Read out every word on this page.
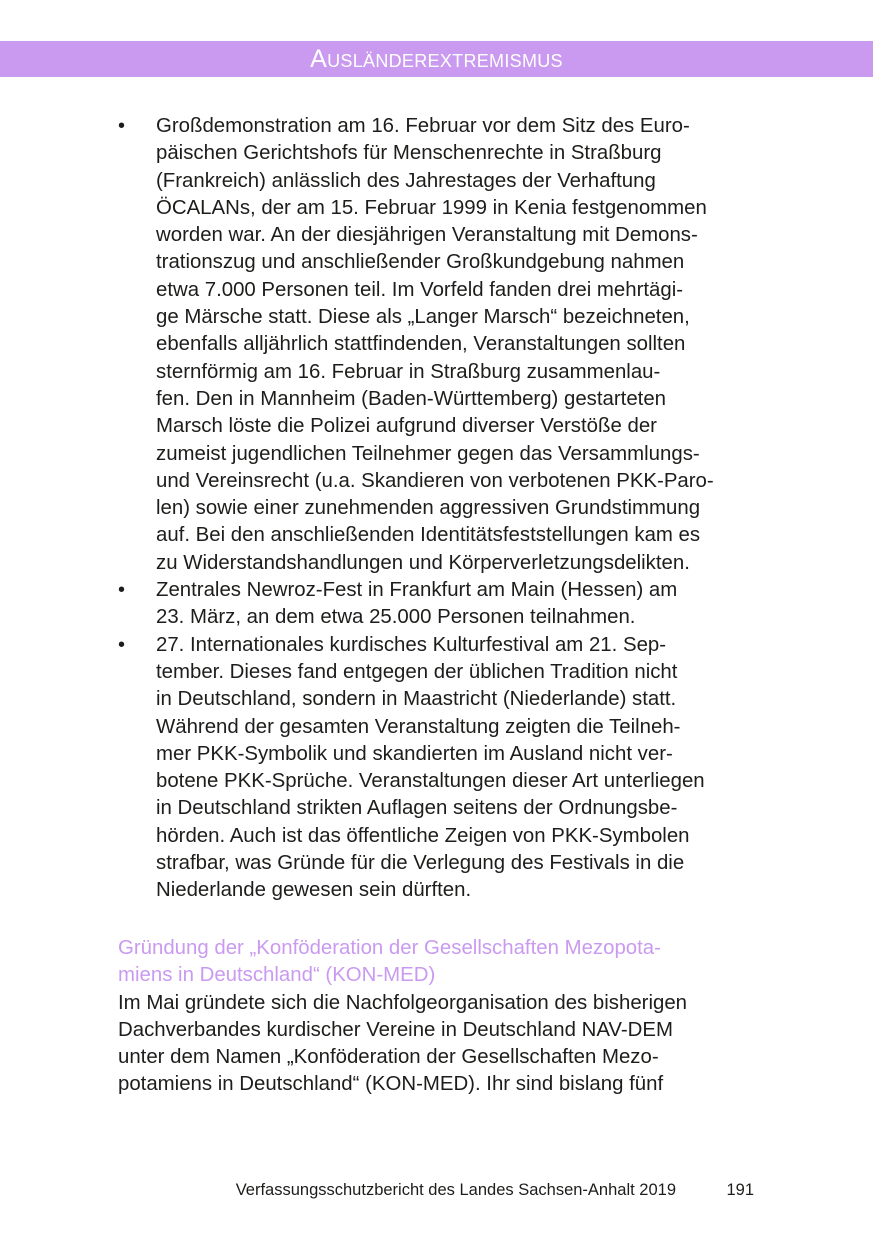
Ausländerextremismus
• Großdemonstration am 16. Februar vor dem Sitz des Euro-
päischen Gerichtshofs für Menschenrechte in Straßburg
(Frankreich) anlässlich des Jahrestages der Verhaftung
ÖCALANs, der am 15. Februar 1999 in Kenia festgenommen
worden war. An der diesjährigen Veranstaltung mit Demons-
trationszug und anschließender Großkundgebung nahmen
etwa 7.000 Personen teil. Im Vorfeld fanden drei mehrtägi-
ge Märsche statt. Diese als „Langer Marsch“ bezeichneten,
ebenfalls alljährlich stattfindenden, Veranstaltungen sollten
sternförmig am 16. Februar in Straßburg zusammenlau-
fen. Den in Mannheim (Baden-Württemberg) gestarteten
Marsch löste die Polizei aufgrund diverser Verstöße der
zumeist jugendlichen Teilnehmer gegen das Versammlungs-
und Vereinsrecht (u.a. Skandieren von verbotenen PKK-Paro-
len) sowie einer zunehmenden aggressiven Grundstimmung
auf. Bei den anschließenden Identitätsfeststellungen kam es
zu Widerstandshandlungen und Körperverletzungsdelikten.
• Zentrales Newroz-Fest in Frankfurt am Main (Hessen) am
23. März, an dem etwa 25.000 Personen teilnahmen.
• 27. Internationales kurdisches Kulturfestival am 21. Sep-
tember. Dieses fand entgegen der üblichen Tradition nicht
in Deutschland, sondern in Maastricht (Niederlande) statt.
Während der gesamten Veranstaltung zeigten die Teilneh-
mer PKK-Symbolik und skandierten im Ausland nicht ver-
botene PKK-Sprüche. Veranstaltungen dieser Art unterliegen
in Deutschland strikten Auflagen seitens der Ordnungsbe-
hörden. Auch ist das öffentliche Zeigen von PKK-Symbolen
strafbar, was Gründe für die Verlegung des Festivals in die
Niederlande gewesen sein dürften.
Gründung der „Konföderation der Gesellschaften Mezopota-
miens in Deutschland“ (KON-MED)
Im Mai gründete sich die Nachfolgeorganisation des bisherigen
Dachverbandes kurdischer Vereine in Deutschland NAV-DEM
unter dem Namen „Konföderation der Gesellschaften Mezo-
potamiens in Deutschland“ (KON-MED). Ihr sind bislang fünf
Verfassungsschutzbericht des Landes Sachsen-Anhalt 2019	191
